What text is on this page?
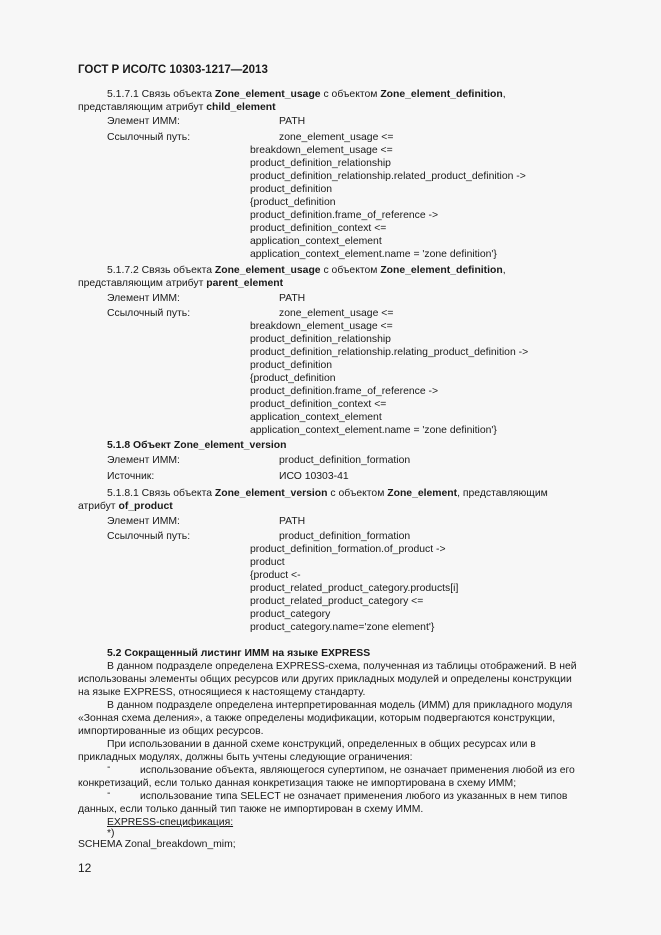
ГОСТ Р ИСО/ТС 10303-1217—2013
5.1.7.1 Связь объекта Zone_element_usage с объектом Zone_element_definition,
представляющим атрибут child_element
Элемент ИММ:	PATH
Ссылочный путь:	zone_element_usage <=
breakdown_element_usage <=
product_definition_relationship
product_definition_relationship.related_product_definition ->
product_definition
{product_definition
product_definition.frame_of_reference ->
product_definition_context <=
application_context_element
application_context_element.name = 'zone definition'}
5.1.7.2 Связь объекта Zone_element_usage с объектом Zone_element_definition,
представляющим атрибут parent_element
Элемент ИММ:	PATH
Ссылочный путь:	zone_element_usage <=
breakdown_element_usage <=
product_definition_relationship
product_definition_relationship.relating_product_definition ->
product_definition
{product_definition
product_definition.frame_of_reference ->
product_definition_context <=
application_context_element
application_context_element.name = 'zone definition'}
5.1.8 Объект Zone_element_version
Элемент ИММ:	product_definition_formation
Источник:	ИСО 10303-41
5.1.8.1 Связь объекта Zone_element_version с объектом Zone_element, представляющим
атрибут of_product
Элемент ИММ:	PATH
Ссылочный путь:	product_definition_formation
product_definition_formation.of_product ->
product
{product <-
product_related_product_category.products[i]
product_related_product_category <=
product_category
product_category.name='zone element'}
5.2 Сокращенный листинг ИММ на языке EXPRESS
В данном подразделе определена EXPRESS-схема, полученная из таблицы отображений. В ней
использованы элементы общих ресурсов или других прикладных модулей и определены конструкции
на языке EXPRESS, относящиеся к настоящему стандарту.
В данном подразделе определена интерпретированная модель (ИММ) для прикладного модуля
«Зонная схема деления», а также определены модификации, которым подвергаются конструкции,
импортированные из общих ресурсов.
При использовании в данной схеме конструкций, определенных в общих ресурсах или в
прикладных модулях, должны быть учтены следующие ограничения:
-	использование объекта, являющегося супертипом, не означает применения любой из его
конкретизаций, если только данная конкретизация также не импортирована в схему ИММ;
-	использование типа SELECT не означает применения любого из указанных в нем типов
данных, если только данный тип также не импортирован в схему ИММ.
EXPRESS-спецификация:
*)
SCHEMA Zonal_breakdown_mim;
12
